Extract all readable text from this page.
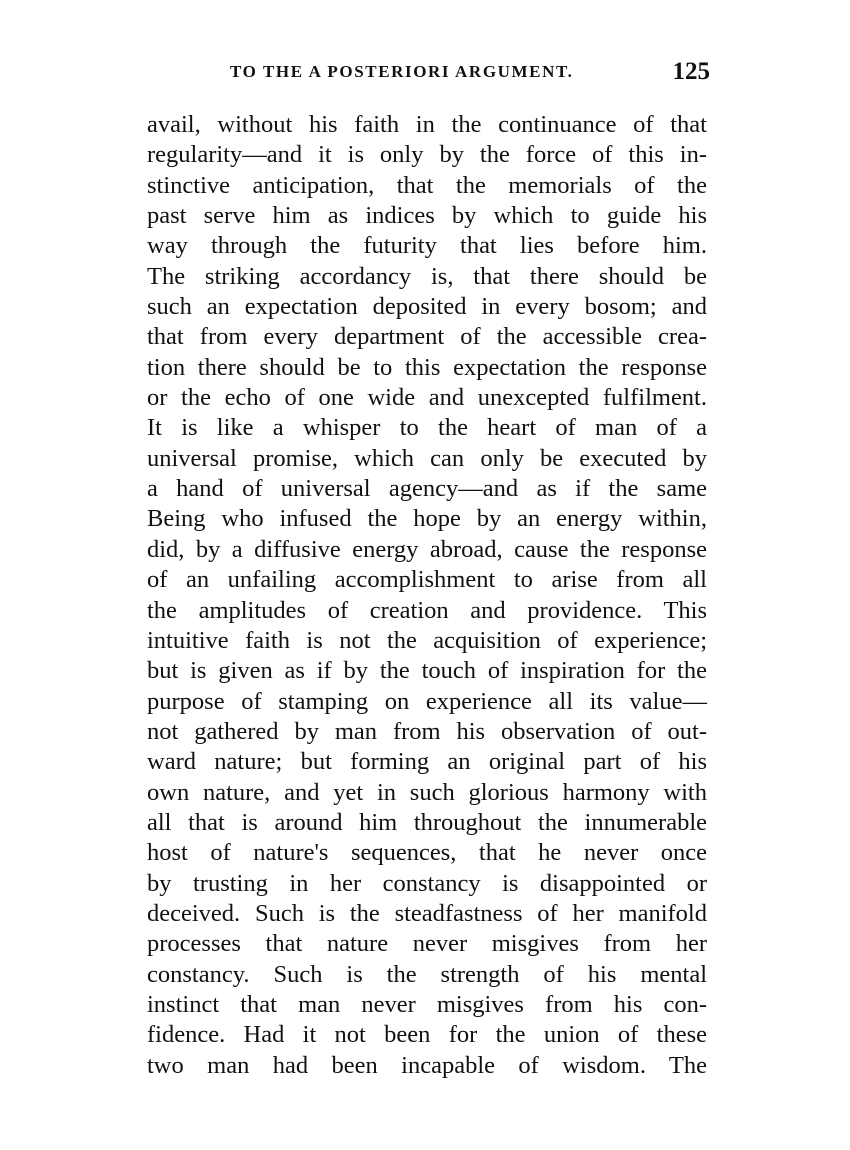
TO THE A POSTERIORI ARGUMENT.	125
avail, without his faith in the continuance of that
regularity—and it is only by the force of this in-
stinctive anticipation, that the memorials of the
past serve him as indices by which to guide his
way through the futurity that lies before him.
The striking accordancy is, that there should be
such an expectation deposited in every bosom; and
that from every department of the accessible crea-
tion there should be to this expectation the response
or the echo of one wide and unexcepted fulfilment.
It is like a whisper to the heart of man of a
universal promise, which can only be executed by
a hand of universal agency—and as if the same
Being who infused the hope by an energy within,
did, by a diffusive energy abroad, cause the response
of an unfailing accomplishment to arise from all
the amplitudes of creation and providence. This
intuitive faith is not the acquisition of experience;
but is given as if by the touch of inspiration for the
purpose of stamping on experience all its value—
not gathered by man from his observation of out-
ward nature; but forming an original part of his
own nature, and yet in such glorious harmony with
all that is around him throughout the innumerable
host of nature's sequences, that he never once
by trusting in her constancy is disappointed or
deceived. Such is the steadfastness of her manifold
processes that nature never misgives from her
constancy. Such is the strength of his mental
instinct that man never misgives from his con-
fidence. Had it not been for the union of these
two man had been incapable of wisdom. The
